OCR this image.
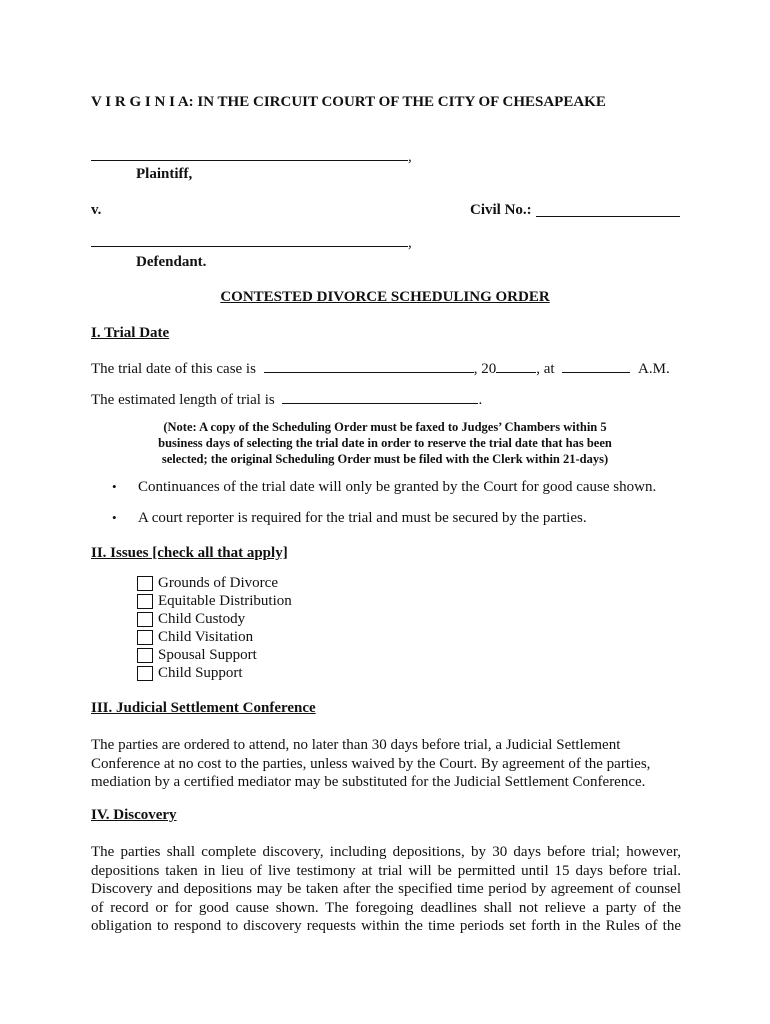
V I R G I N I A: IN THE CIRCUIT COURT OF THE CITY OF CHESAPEAKE
,
Plaintiff,
v.	Civil No.:
,
Defendant.
CONTESTED DIVORCE SCHEDULING ORDER
I. Trial Date
The trial date of this case is	, 20	, at	A.M.
The estimated length of trial is	.
(Note: A copy of the Scheduling Order must be faxed to Judges’ Chambers within 5
business days of selecting the trial date in order to reserve the trial date that has been
selected; the original Scheduling Order must be filed with the Clerk within 21-days)
•	Continuances of the trial date will only be granted by the Court for good cause shown.
•	A court reporter is required for the trial and must be secured by the parties.
II. Issues [check all that apply]
Grounds of Divorce
Equitable Distribution
Child Custody
Child Visitation
Spousal Support
Child Support
III. Judicial Settlement Conference
The parties are ordered to attend, no later than 30 days before trial, a Judicial Settlement
Conference at no cost to the parties, unless waived by the Court. By agreement of the parties,
mediation by a certified mediator may be substituted for the Judicial Settlement Conference.
IV. Discovery
The parties shall complete discovery, including depositions, by 30 days before trial; however,
depositions taken in lieu of live testimony at trial will be permitted until 15 days before trial.
Discovery and depositions may be taken after the specified time period by agreement of counsel
of record or for good cause shown. The foregoing deadlines shall not relieve a party of the
obligation to respond to discovery requests within the time periods set forth in the Rules of the
